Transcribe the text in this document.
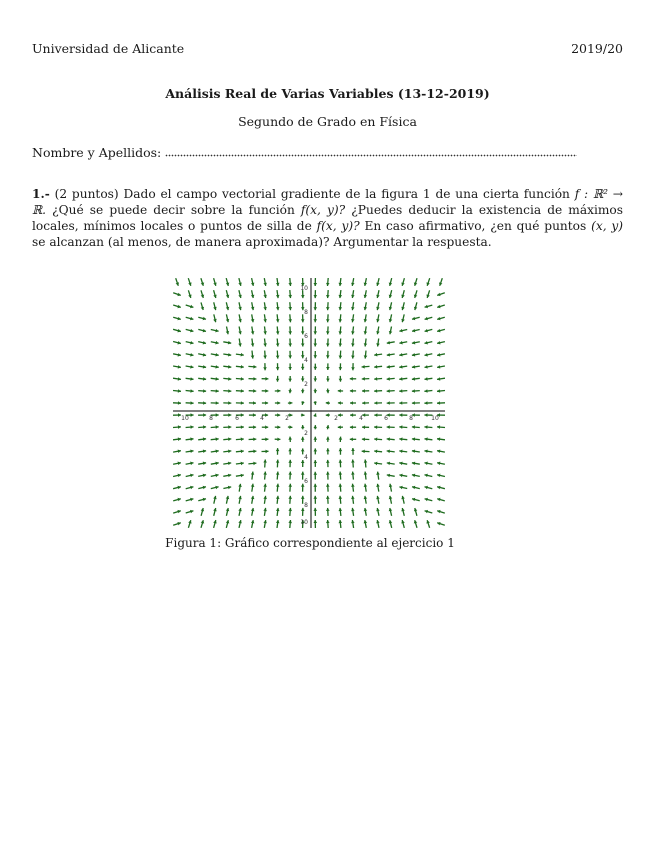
Universidad de Alicante	2019/20
Análisis Real de Varias Variables (13-12-2019)
Segundo de Grado en Física
Nombre y Apellidos:
1.- (2 puntos) Dado el campo vectorial gradiente de la figura 1 de una cierta función f : ℝ² → ℝ. ¿Qué se puede decir sobre la función f(x, y)? ¿Puedes deducir la existencia de máximos locales, mínimos locales o puntos de silla de f(x, y)? En caso afirmativo, ¿en qué puntos (x, y) se alcanzan (al menos, de manera aproximada)? Argumentar la respuesta.
10	8	6	4	2	2	4	6	8	10
10
8
6
4
2
2
4
6
8
10
Figura 1: Gráfico correspondiente al ejercicio 1
